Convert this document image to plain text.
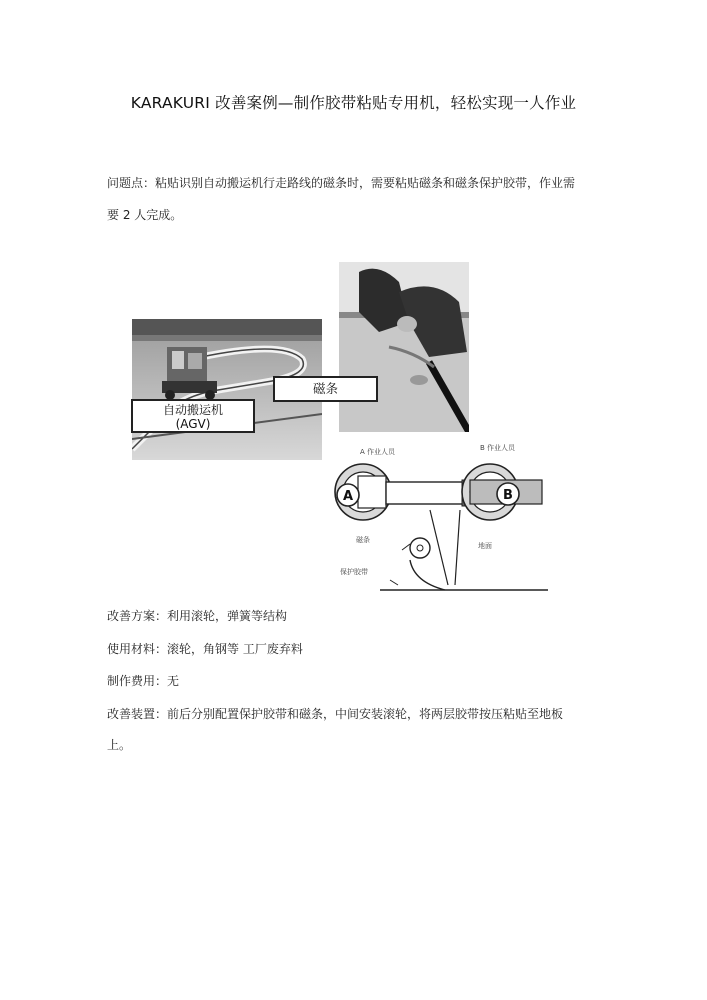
KARAKURI 改善案例—制作胶带粘贴专用机，轻松实现一人作业
问题点：粘贴识别自动搬运机行走路线的磁条时，需要粘贴磁条和磁条保护胶带，作业需
要 2 人完成。
自动搬运机
(AGV)
磁条
A 作业人员	B 作业人员
A	B
磁条
地面
保护胶带
改善方案：利用滚轮，弹簧等结构
使用材料：滚轮，角钢等 工厂废弃料
制作费用：无
改善装置：前后分别配置保护胶带和磁条，中间安装滚轮，将两层胶带按压粘贴至地板
上。
